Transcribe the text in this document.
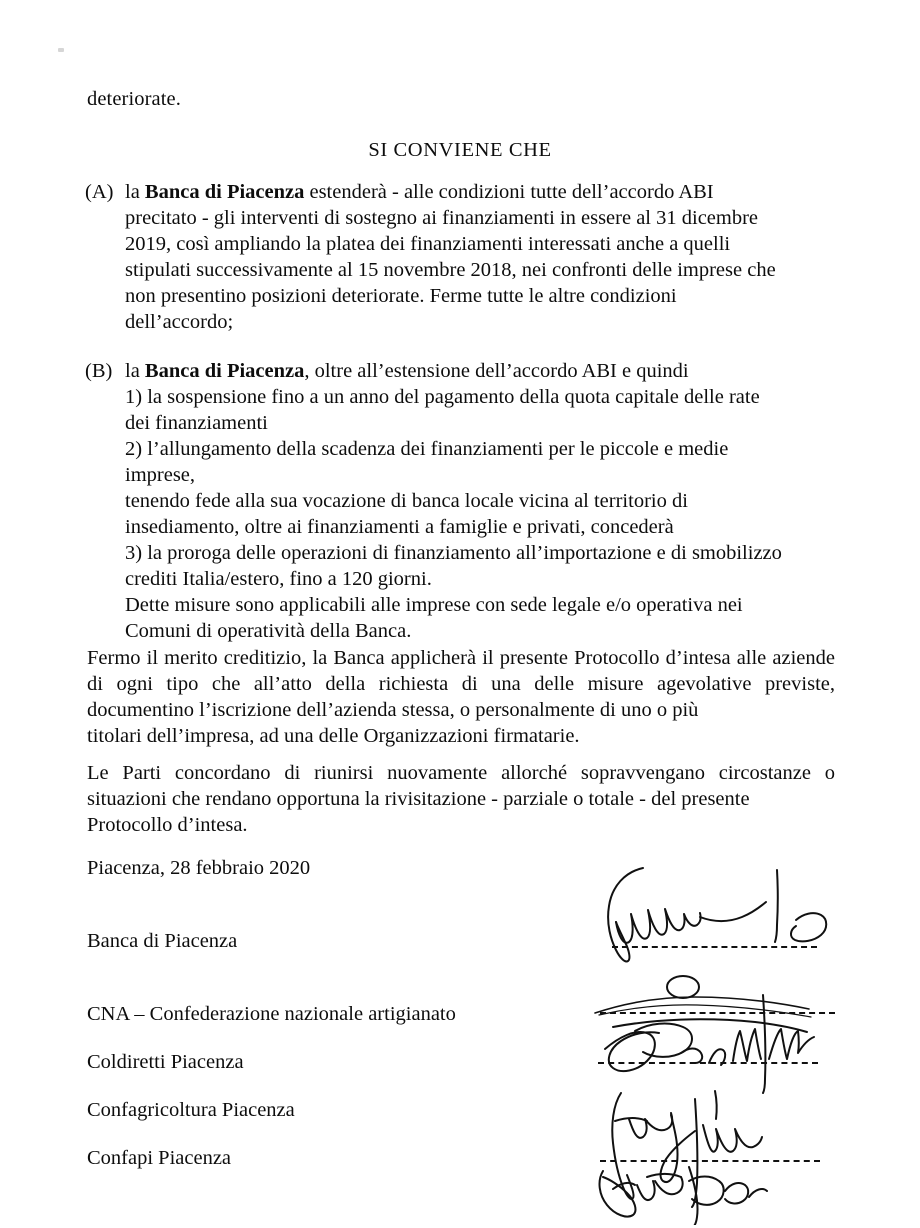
deteriorate.
SI CONVIENE CHE
(A) la Banca di Piacenza estenderà - alle condizioni tutte dell’accordo ABI

precitato - gli interventi di sostegno ai finanziamenti in essere al 31 dicembre

2019, così ampliando la platea dei finanziamenti interessati anche a quelli

stipulati successivamente al 15 novembre 2018, nei confronti delle imprese che

non presentino posizioni deteriorate. Ferme tutte le altre condizioni

dell’accordo;

(B) la Banca di Piacenza, oltre all’estensione dell’accordo ABI e quindi

1) la sospensione fino a un anno del pagamento della quota capitale delle rate

dei finanziamenti

2) l’allungamento della scadenza dei finanziamenti per le piccole e medie

imprese,

tenendo fede alla sua vocazione di banca locale vicina al territorio di

insediamento, oltre ai finanziamenti a famiglie e privati, concederà

3) la proroga delle operazioni di finanziamento all’importazione e di smobilizzo

crediti Italia/estero, fino a 120 giorni.

Dette misure sono applicabili alle imprese con sede legale e/o operativa nei

Comuni di operatività della Banca.

Fermo il merito creditizio, la Banca applicherà il presente Protocollo d’intesa alle aziende di ogni tipo che all’atto della richiesta di una delle misure agevolative previste, documentino l’iscrizione dell’azienda stessa, o personalmente di uno o più
titolari dell’impresa, ad una delle Organizzazioni firmatarie.
Le Parti concordano di riunirsi nuovamente allorché sopravvengano circostanze o situazioni che rendano opportuna la rivisitazione - parziale o totale - del presente
Protocollo d’intesa.
Piacenza, 28 febbraio 2020
Banca di Piacenza
CNA – Confederazione nazionale artigianato
Coldiretti Piacenza
Confagricoltura Piacenza
Confapi Piacenza
